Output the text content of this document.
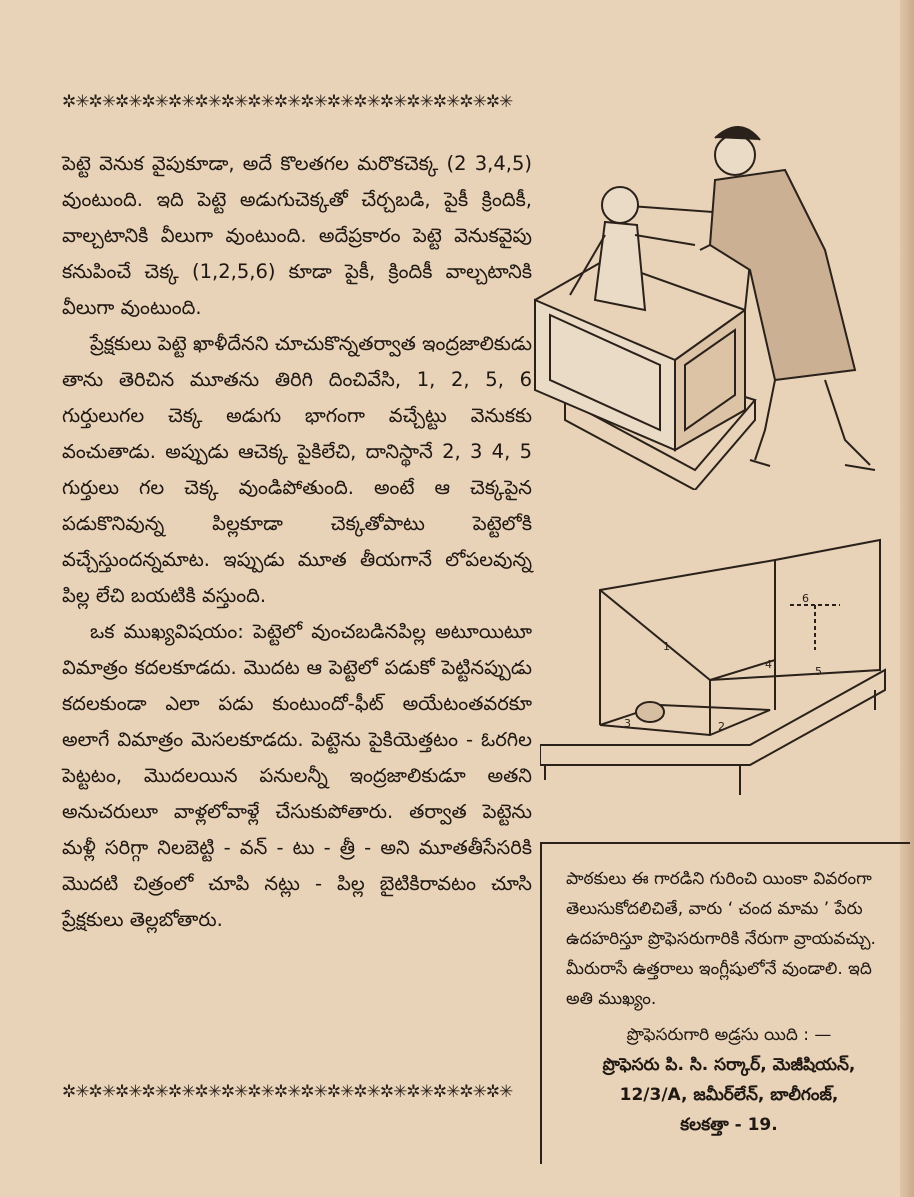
✲✳✲✳✲✳✲✳✲✳✲✳✲✳✲✳✲✳✲✳✲✳✲✳✲✳✲✳✲✳✲✳✲✳

పెట్టె వెనుక వైపుకూడా, అదే కొలతగల మరొకచెక్క (2 3,4,5) వుంటుంది. ఇది పెట్టె అడుగుచెక్కతో చేర్చబడి, పైకీ క్రిందికీ, వాల్చటానికి వీలుగా వుంటుంది. అదేప్రకారం పెట్టె వెనుకవైపు కనుపించే చెక్క (1,2,5,6) కూడా పైకీ, క్రిందికీ వాల్చటానికి వీలుగా వుంటుంది.

ప్రేక్షకులు పెట్టె ఖాళీదేనని చూచుకొన్నతర్వాత ఇంద్రజాలికుడు తాను తెరిచిన మూతను తిరిగి దించివేసి, 1, 2, 5, 6 గుర్తులుగల చెక్క అడుగు భాగంగా వచ్చేట్టు వెనుకకు వంచుతాడు. అప్పుడు ఆచెక్క పైకిలేచి, దానిస్థానే 2, 3 4, 5 గుర్తులు గల చెక్క వుండిపోతుంది. అంటే ఆ చెక్కపైన పడుకొనివున్న పిల్లకూడా చెక్కతోపాటు పెట్టెలోకి వచ్చేస్తుందన్నమాట. ఇప్పుడు మూత తీయగానే లోపలవున్న పిల్ల లేచి బయటికి వస్తుంది.

ఒక ముఖ్యవిషయం: పెట్టెలో వుంచబడినపిల్ల అటూయిటూ విమాత్రం కదలకూడదు. మొదట ఆ పెట్టెలో పడుకో పెట్టినప్పుడు కదలకుండా ఎలా పడు కుంటుందో-ఫీట్ అయేటంతవరకూ అలాగే విమాత్రం మెసలకూడదు. పెట్టెను పైకియెత్తటం - ఓరగిల పెట్టటం, మొదలయిన పనులన్నీ ఇంద్రజాలికుడూ అతని అనుచరులూ వాళ్లలోవాళ్లే చేసుకుపోతారు. తర్వాత పెట్టెను మళ్లీ సరిగ్గా నిలబెట్టి - వన్ - టు - త్రీ - అని మూతతీసేసరికి మొదటి చిత్రంలో చూపి నట్లు - పిల్ల బైటికిరావటం చూసి ప్రేక్షకులు తెల్లబోతారు.

✲✳✲✳✲✳✲✳✲✳✲✳✲✳✲✳✲✳✲✳✲✳✲✳✲✳✲✳✲✳✲✳✲✳
1
2
3
4
5
6

పాఠకులు ఈ గారడిని గురించి యింకా వివరంగా తెలుసుకోదలిచితే, వారు ‘ చంద మామ ’ పేరు ఉదహరిస్తూ ప్రొఫెసరుగారికి నేరుగా వ్రాయవచ్చు. మీరురాసే ఉత్తరాలు ఇంగ్లీషులోనే వుండాలి. ఇది అతి ముఖ్యం.

ప్రొఫెసరుగారి అడ్రసు యిది : —

ప్రొఫెసరు పి. సి. సర్కార్, మెజీషియన్,

12/3/A, జమీర్‌లేన్, బాలీగంజ్,

కలకత్తా - 19.
